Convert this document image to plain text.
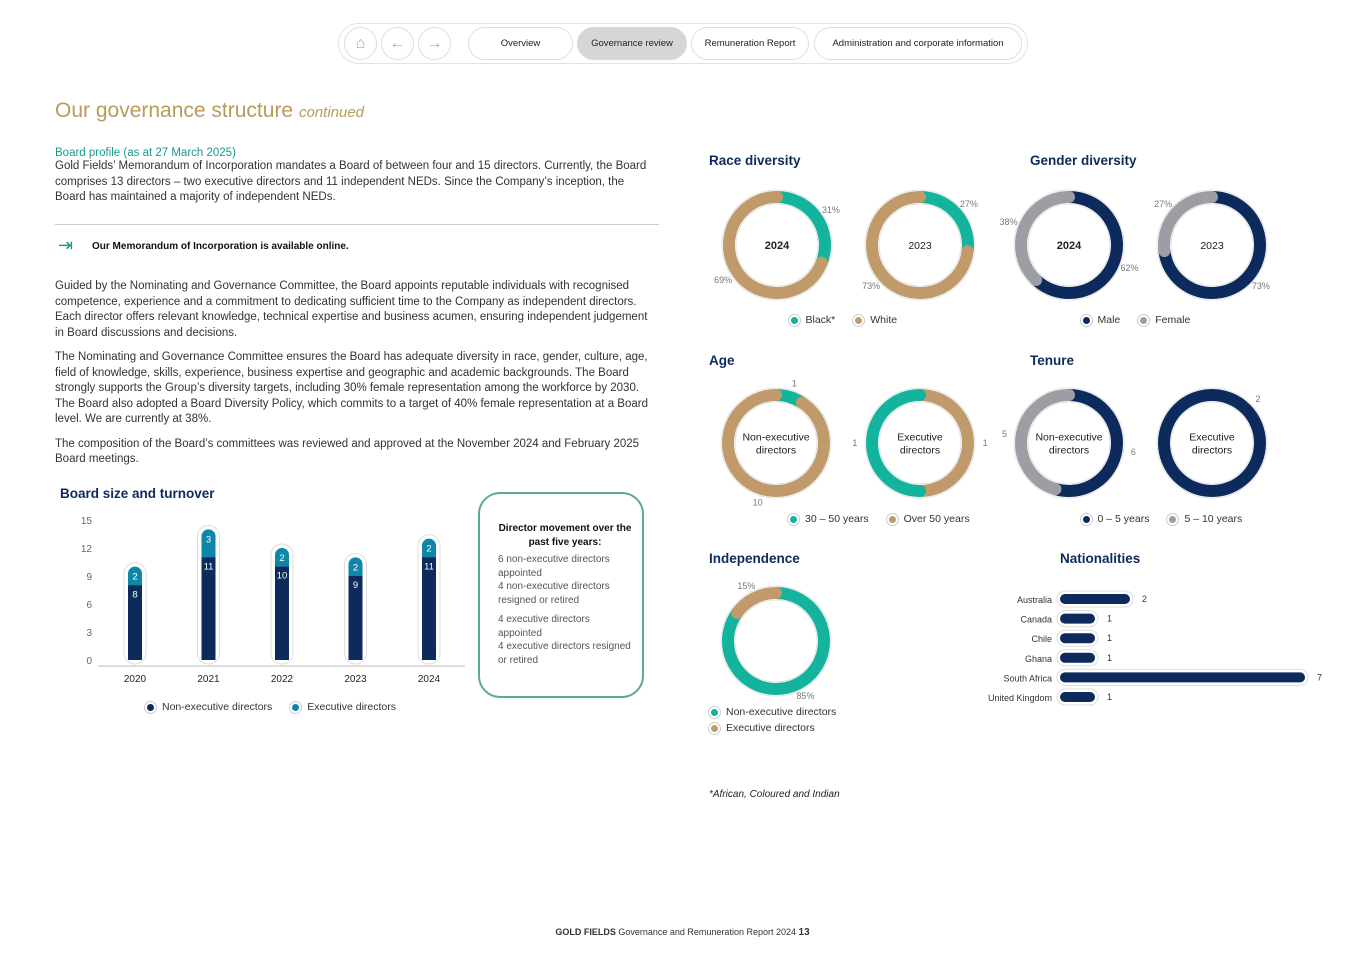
⌂ ← →	Overview	Governance review	Remuneration Report	Administration and corporate information
Our governance structure continued
Board profile (as at 27 March 2025)

Gold Fields’ Memorandum of Incorporation mandates a Board of between four and 15 directors. Currently, the Board comprises 13 directors – two executive directors and 11 independent NEDs. Since the Company’s inception, the Board has maintained a majority of independent NEDs.

⇥ Our Memorandum of Incorporation is available online.

Guided by the Nominating and Governance Committee, the Board appoints reputable individuals with recognised competence, experience and a commitment to dedicating sufficient time to the Company as independent directors. Each director offers relevant knowledge, technical expertise and business acumen, ensuring independent judgement in Board discussions and decisions.

The Nominating and Governance Committee ensures the Board has adequate diversity in race, gender, culture, age, field of knowledge, skills, experience, business expertise and geographic and academic backgrounds. The Board strongly supports the Group’s diversity targets, including 30% female representation among the workforce by 2030. The Board also adopted a Board Diversity Policy, which commits to a target of 40% female representation at a Board level. We are currently at 38%.

The composition of the Board’s committees was reviewed and approved at the November 2024 and February 2025 Board meetings.

Board size and turnover
0
3
6
9
12
15
2
8
2020
3
11
2021
2
10
2022
2
9
2023
2
11
2024
Non-executive directors	Executive directors
Director movement over the past five years:
6 non-executive directors appointed
4 non-executive directors resigned or retired
4 executive directors appointed
4 executive directors resigned or retired
Race diversity
31%
69%
2024
27%
73%
2023
Black*	White
Gender diversity
62%
38%
2024
73%
27%
2023
Male	Female
Age
1
10
Non-executive
directors
1
1	Executive
directors
30 – 50 years	Over 50 years
Tenure
6
5	Non-executive
directors
2
Executive
directors
0 – 5 years	5 – 10 years
Independence
85%
15%
Non-executive directors
Executive directors
Nationalities
Australia	2
Canada	1
Chile	1
Ghana	1
South Africa	7
United Kingdom	1
*African, Coloured and Indian
GOLD FIELDS Governance and Remuneration Report 2024 13
